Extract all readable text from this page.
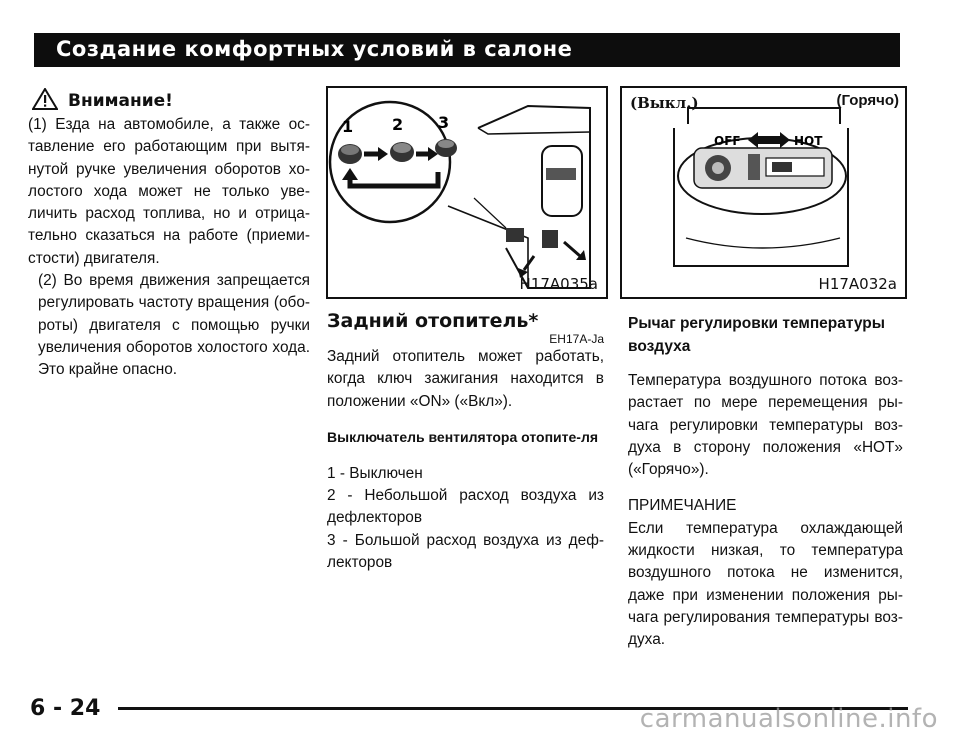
Создание комфортных условий в салоне
Внимание!

(1) Езда на автомобиле, а также ос-тавление его работающим при вытя-нутой ручке увеличения оборотов хо-лостого хода может не только уве-личить расход топлива, но и отрица-тельно сказаться на работе (приеми-стости) двигателя.

(2) Во время движения запрещается регулировать частоту вращения (обо-роты) двигателя с помощью ручки увеличения оборотов холостого хода. Это крайне опасно.

1 2 3
H17A035a
OFF	HOT
(Выкл.)	(Горячо)
H17A032a

Задний отопитель*

EH17A-Ja

Задний отопитель может работать, когда ключ зажигания находится в положении «ON» («Вкл»).

Выключатель вентилятора отопите-ля

1 - Выключен

2 - Небольшой расход воздуха из дефлекторов

3 - Большой расход воздуха из деф-лекторов

Рычаг регулировки температуры воздуха

Температура воздушного потока воз-растает по мере перемещения ры-чага регулировки температуры воз-духа в сторону положения «HOT» («Горячо»).

ПРИМЕЧАНИЕ

Если температура охлаждающей жидкости низкая, то температура воздушного потока не изменится, даже при изменении положения ры-чага регулирования температуры воз-духа.

6 - 24	carmanualsonline.info
